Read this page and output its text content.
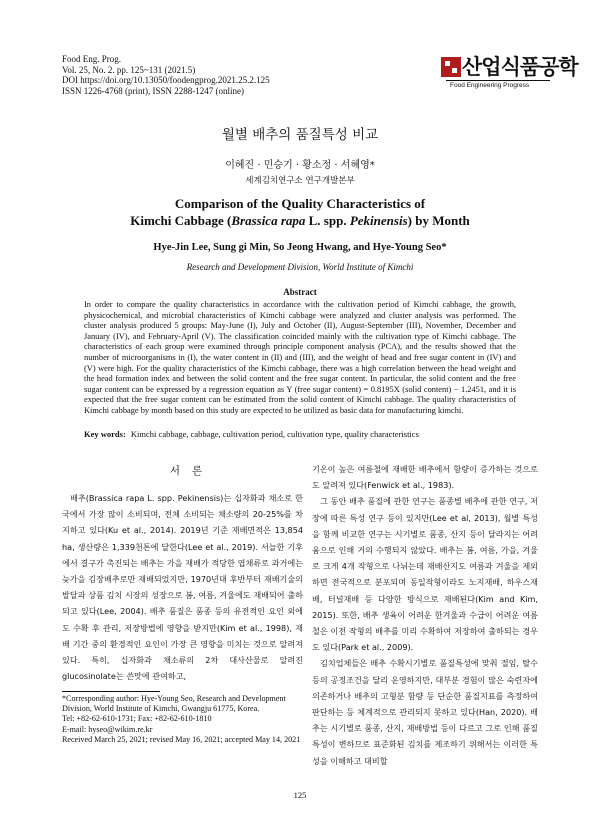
Food Eng. Prog.
Vol. 25, No. 2. pp. 125~131 (2021.5)
DOI https://doi.org/10.13050/foodengprog.2021.25.2.125
ISSN 1226-4768 (print), ISSN 2288-1247 (online)
산업식품공학
Food Engineering Progress
월별 배추의 품질특성 비교
이혜진 · 민승기 · 황소정 · 서혜영*
세계김치연구소 연구개발본부
Comparison of the Quality Characteristics of
Kimchi Cabbage (Brassica rapa L. spp. Pekinensis) by Month
Hye-Jin Lee, Sung gi Min, So Jeong Hwang, and Hye-Young Seo*
Research and Development Division, World Institute of Kimchi
Abstract
In order to compare the quality characteristics in accordance with the cultivation period of Kimchi cabbage, the growth, physicochemical, and microbial characteristics of Kimchi cabbage were analyzed and cluster analysis was performed. The cluster analysis produced 5 groups: May-June (I), July and October (II), August-September (III), November, December and January (IV), and February-April (V). The classification coincided mainly with the cultivation type of Kimchi cabbage. The characteristics of each group were examined through principle component analysis (PCA), and the results showed that the number of microorganisms in (I), the water content in (II) and (III), and the weight of head and free sugar content in (IV) and (V) were high. For the quality characteristics of the Kimchi cabbage, there was a high correlation between the head weight and the head formation index and between the solid content and the free sugar content. In particular, the solid content and the free sugar content can be expressed by a regression equation as Y (free sugar content) = 0.8195X (solid content) − 1.2451, and it is expected that the free sugar content can be estimated from the solid content of Kimchi cabbage. The quality characteristics of Kimchi cabbage by month based on this study are expected to be utilized as basic data for manufacturing kimchi.
Key words: Kimchi cabbage, cabbage, cultivation period, cultivation type, quality characteristics
서론

배추(Brassica rapa L. spp. Pekinensis)는 십자화과 채소로 한국에서 가장 많이 소비되며, 전체 소비되는 채소량의 20-25%를 차지하고 있다(Ku et al., 2014). 2019년 기준 재배면적은 13,854 ha, 생산량은 1,339천톤에 달한다(Lee et al., 2019). 서늘한 기후에서 결구가 촉진되는 배추는 가을 재배가 적당한 엽채류로 과거에는 늦가을 김장배추로만 재배되었지만, 1970년대 후반부터 재배기술의 발달과 상품 김치 시장의 성장으로 봄, 여름, 겨울에도 재배되어 출하되고 있다(Lee, 2004). 배추 품질은 품종 등의 유전적인 요인 외에도 수확 후 관리, 저장방법에 영향을 받지만(Kim et al., 1998), 재배 기간 중의 환경적인 요인이 가장 큰 영향을 미치는 것으로 알려져 있다. 특히, 십자화과 채소류의 2차 대사산물로 알려진 glucosinolate는 쓴맛에 관여하고,

기온이 높은 여름철에 재배한 배추에서 함량이 증가하는 것으로도 알려져 있다(Fenwick et al., 1983).

그 동안 배추 품질에 관한 연구는 품종별 배추에 관한 연구, 저장에 따른 특성 연구 등이 있지만(Lee et al, 2013), 월별 특성을 함께 비교한 연구는 시기별로 품종, 산지 등이 달라지는 어려움으로 인해 거의 수행되지 않았다. 배추는 봄, 여름, 가을, 겨울로 크게 4개 작형으로 나뉘는데 재배산지도 여름과 겨울을 제외하면 전국적으로 분포되며 동일작형이라도 노지재배, 하우스재배, 터널재배 등 다양한 방식으로 재배된다(Kim and Kim, 2015). 또한, 배추 생육이 어려운 한겨울과 수급이 어려운 여름철은 이전 작형의 배추를 미리 수확하여 저장하여 출하되는 경우도 있다(Park et al., 2009).

김치업체들은 배추 수확시기별로 품질특성에 맞춰 절임, 탈수 등의 공정조건을 달리 운영하지만, 대부분 경험이 많은 숙련자에 의존하거나 배추의 고형분 함량 등 단순한 품질지표를 측정하여 판단하는 등 체계적으로 관리되지 못하고 있다(Han, 2020). 배추는 시기별로 품종, 산지, 재배방법 등이 다르고 그로 인해 품질특성이 변하므로 표준화된 김치를 제조하기 위해서는 이러한 특성을 이해하고 대비할

*Corresponding author: Hye-Young Seo, Research and Development Division, World Institute of Kimchi, Gwangju 61775, Korea.
Tel: +82-62-610-1731; Fax: +82-62-610-1810
E-mail: hyseo@wikim.re.kr
Received March 25, 2021; revised May 16, 2021; accepted May 14, 2021
125
